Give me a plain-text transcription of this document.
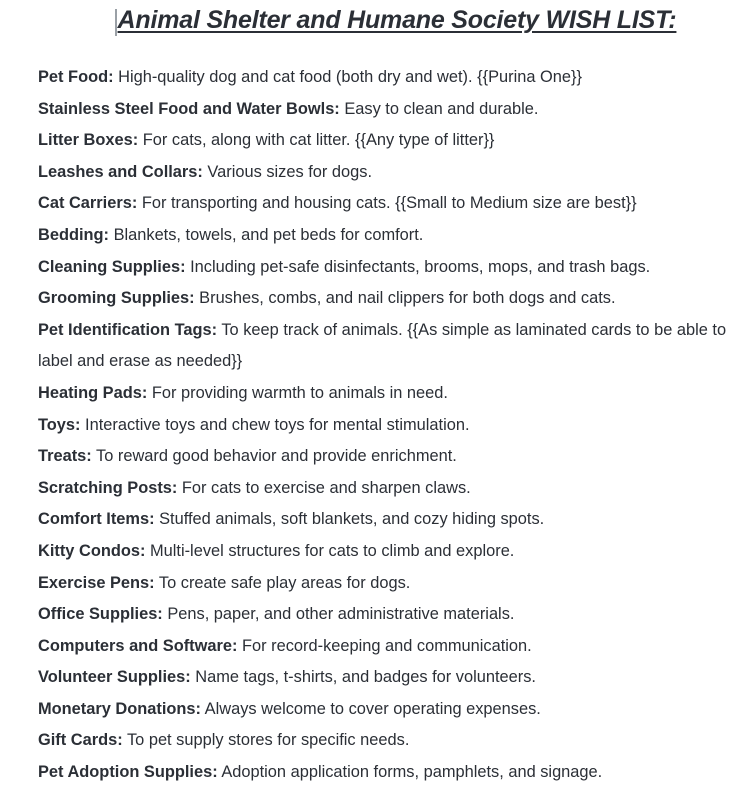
Animal Shelter and Humane Society WISH LIST:
Pet Food: High-quality dog and cat food (both dry and wet). {{Purina One}}
Stainless Steel Food and Water Bowls: Easy to clean and durable.
Litter Boxes: For cats, along with cat litter. {{Any type of litter}}
Leashes and Collars: Various sizes for dogs.
Cat Carriers: For transporting and housing cats. {{Small to Medium size are best}}
Bedding: Blankets, towels, and pet beds for comfort.
Cleaning Supplies: Including pet-safe disinfectants, brooms, mops, and trash bags.
Grooming Supplies: Brushes, combs, and nail clippers for both dogs and cats.
Pet Identification Tags: To keep track of animals. {{As simple as laminated cards to be able to label and erase as needed}}
Heating Pads: For providing warmth to animals in need.
Toys: Interactive toys and chew toys for mental stimulation.
Treats: To reward good behavior and provide enrichment.
Scratching Posts: For cats to exercise and sharpen claws.
Comfort Items: Stuffed animals, soft blankets, and cozy hiding spots.
Kitty Condos: Multi-level structures for cats to climb and explore.
Exercise Pens: To create safe play areas for dogs.
Office Supplies: Pens, paper, and other administrative materials.
Computers and Software: For record-keeping and communication.
Volunteer Supplies: Name tags, t-shirts, and badges for volunteers.
Monetary Donations: Always welcome to cover operating expenses.
Gift Cards: To pet supply stores for specific needs.
Pet Adoption Supplies: Adoption application forms, pamphlets, and signage.
